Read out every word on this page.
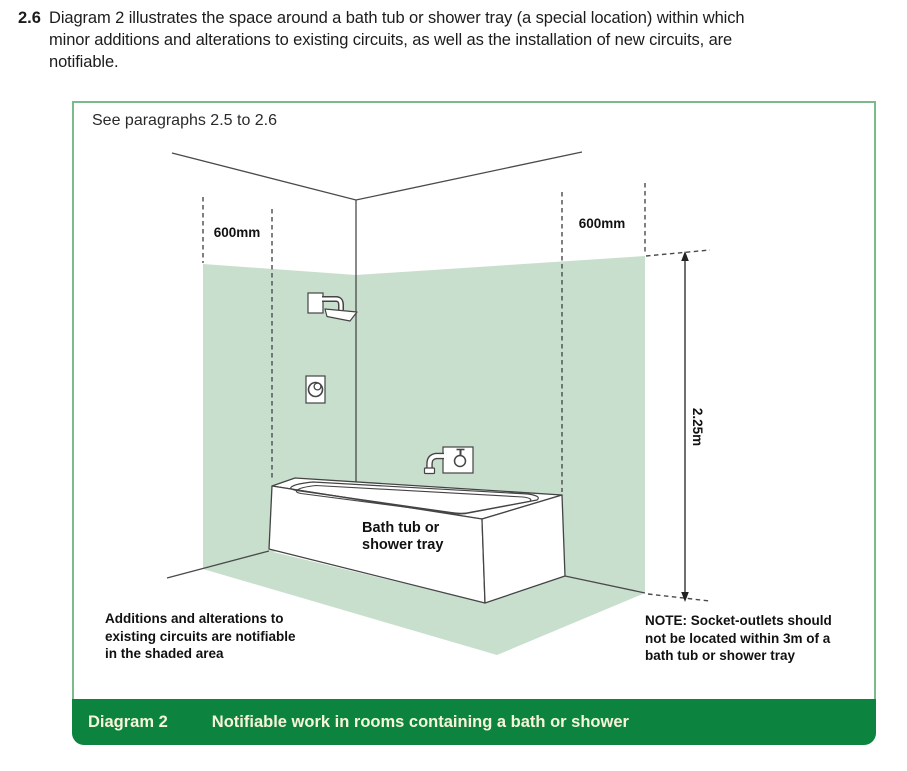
2.6 Diagram 2 illustrates the space around a bath tub or shower tray (a special location) within which
minor additions and alterations to existing circuits, as well as the installation of new circuits, are
notifiable.
See paragraphs 2.5 to 2.6
600mm
600mm
2.25m
Bath tub or
shower tray
Additions and alterations to
existing circuits are notifiable
in the shaded area
NOTE: Socket-outlets should
not be located within 3m of a
bath tub or shower tray
Diagram 2	Notifiable work in rooms containing a bath or shower
